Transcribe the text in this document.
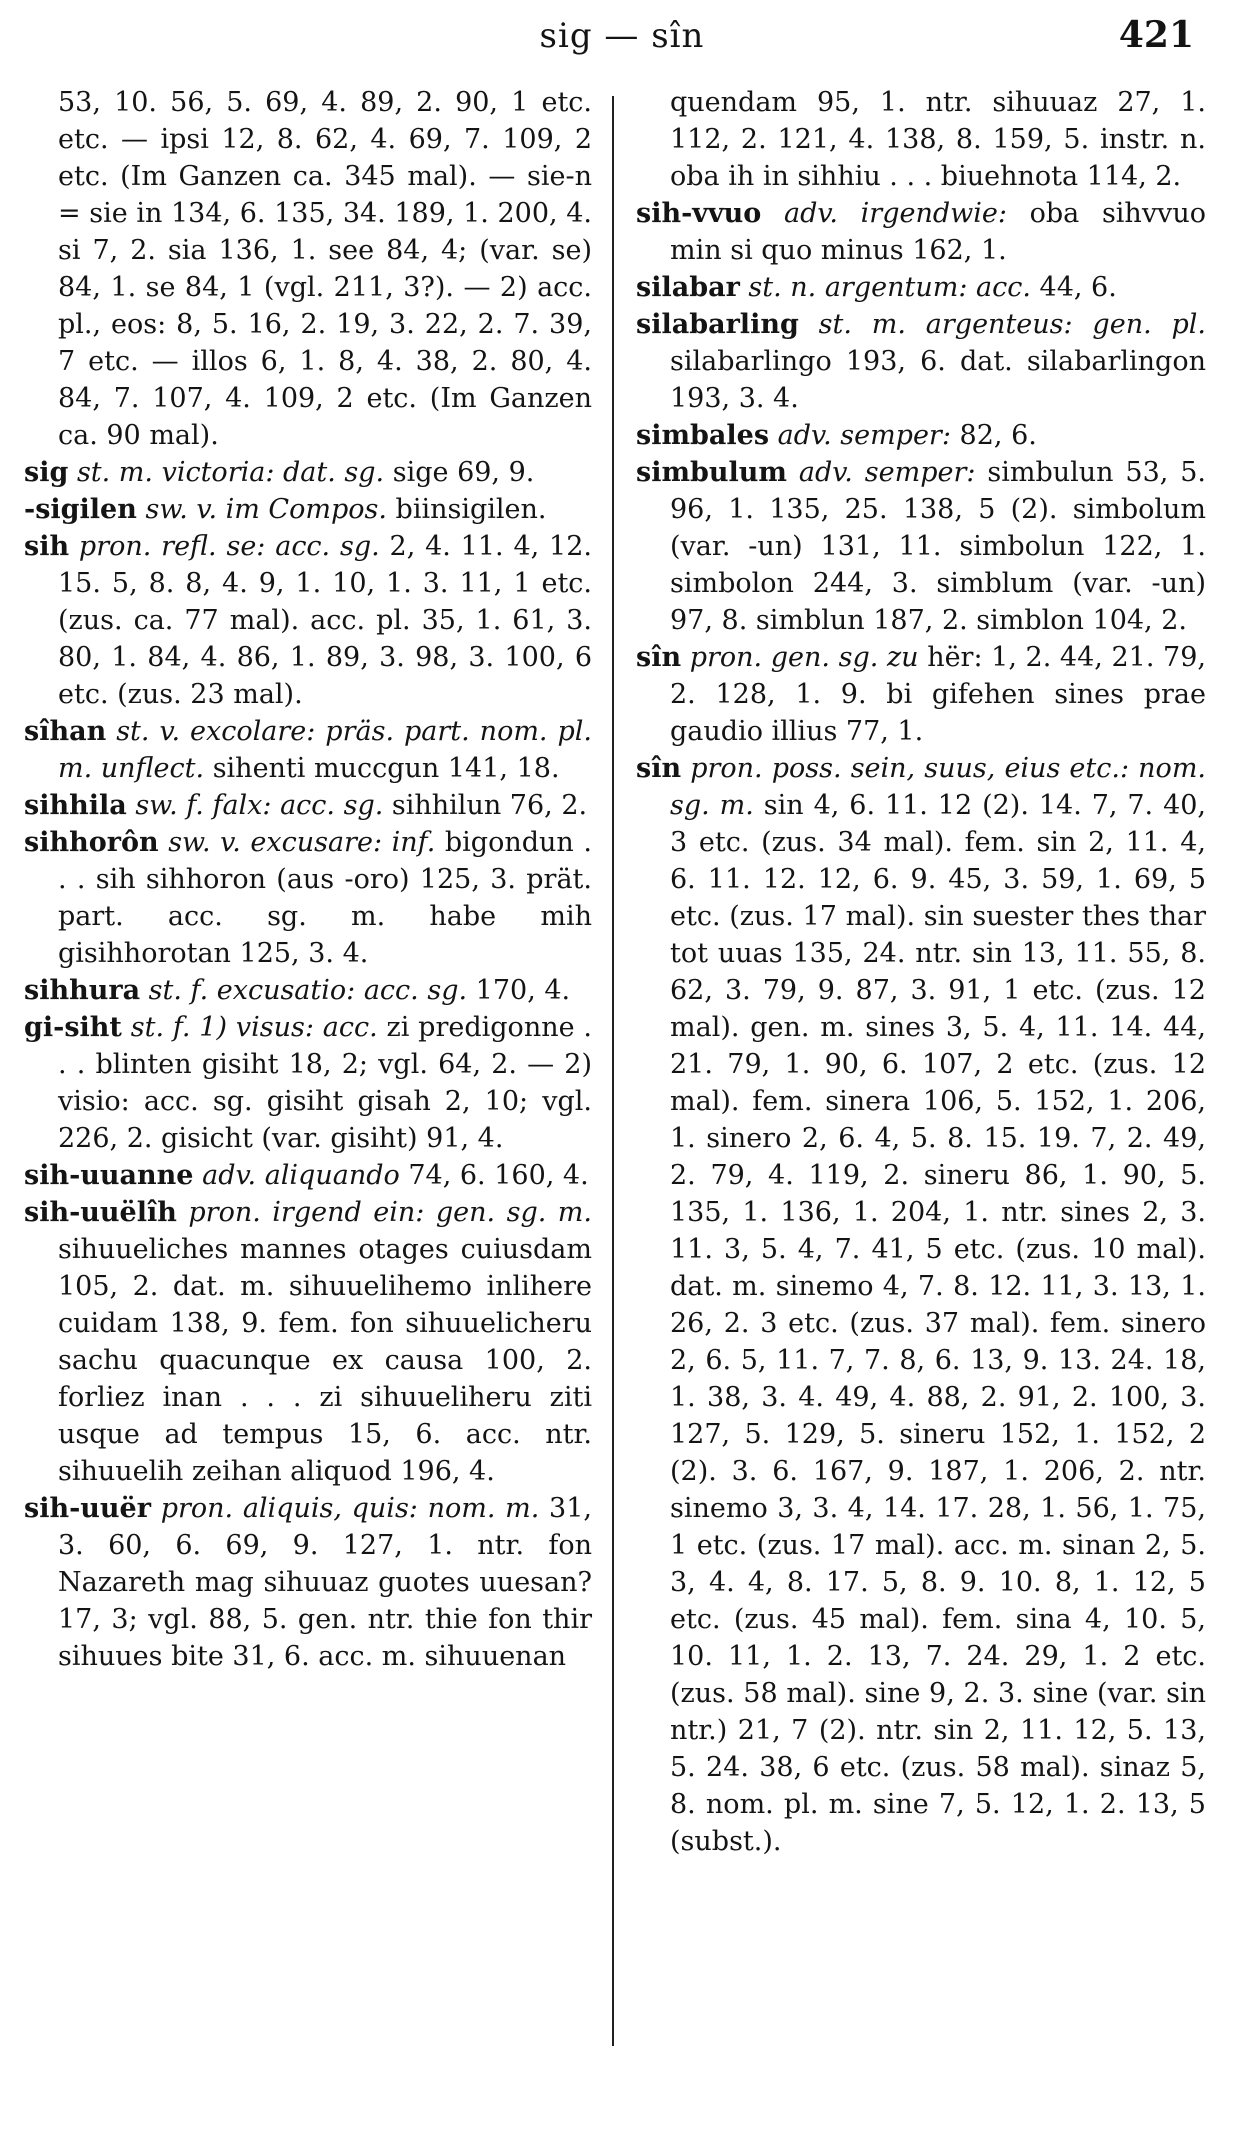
sig — sîn	421

53, 10. 56, 5. 69, 4. 89, 2. 90, 1 etc. etc. — ipsi 12, 8. 62, 4. 69, 7. 109, 2 etc. (Im Ganzen ca. 345 mal). — sie-n = sie in 134, 6. 135, 34. 189, 1. 200, 4. si 7, 2. sia 136, 1. see 84, 4; (var. se) 84, 1. se 84, 1 (vgl. 211, 3?). — 2) acc. pl., eos: 8, 5. 16, 2. 19, 3. 22, 2. 7. 39, 7 etc. — illos 6, 1. 8, 4. 38, 2. 80, 4. 84, 7. 107, 4. 109, 2 etc. (Im Ganzen ca. 90 mal).

sig st. m. victoria: dat. sg. sige 69, 9.

-sigilen sw. v. im Compos. biinsigilen.

sih pron. refl. se: acc. sg. 2, 4. 11. 4, 12. 15. 5, 8. 8, 4. 9, 1. 10, 1. 3. 11, 1 etc. (zus. ca. 77 mal). acc. pl. 35, 1. 61, 3. 80, 1. 84, 4. 86, 1. 89, 3. 98, 3. 100, 6 etc. (zus. 23 mal).

sîhan st. v. excolare: präs. part. nom. pl. m. unflect. sihenti muccgun 141, 18.

sihhila sw. f. falx: acc. sg. sihhilun 76, 2.

sihhorôn sw. v. excusare: inf. bigondun . . . sih sihhoron (aus -oro) 125, 3. prät. part. acc. sg. m. habe mih gisihhorotan 125, 3. 4.

sihhura st. f. excusatio: acc. sg. 170, 4.

gi-siht st. f. 1) visus: acc. zi predigonne . . . blinten gisiht 18, 2; vgl. 64, 2. — 2) visio: acc. sg. gisiht gisah 2, 10; vgl. 226, 2. gisicht (var. gisiht) 91, 4.

sih-uuanne adv. aliquando 74, 6. 160, 4.

sih-uuëlîh pron. irgend ein: gen. sg. m. sihuueliches mannes otages cuiusdam 105, 2. dat. m. sihuuelihemo inlihere cuidam 138, 9. fem. fon sihuuelicheru sachu quacunque ex causa 100, 2. forliez inan . . . zi sihuueliheru ziti usque ad tempus 15, 6. acc. ntr. sihuuelih zeihan aliquod 196, 4.

sih-uuër pron. aliquis, quis: nom. m. 31, 3. 60, 6. 69, 9. 127, 1. ntr. fon Nazareth mag sihuuaz guotes uuesan? 17, 3; vgl. 88, 5. gen. ntr. thie fon thir sihuues bite 31, 6. acc. m. sihuuenan

quendam 95, 1. ntr. sihuuaz 27, 1. 112, 2. 121, 4. 138, 8. 159, 5. instr. n. oba ih in sihhiu . . . biuehnota 114, 2.

sih-vvuo adv. irgendwie: oba sihvvuo min si quo minus 162, 1.

silabar st. n. argentum: acc. 44, 6.

silabarling st. m. argenteus: gen. pl. silabarlingo 193, 6. dat. silabarlingon 193, 3. 4.

simbales adv. semper: 82, 6.

simbulum adv. semper: simbulun 53, 5. 96, 1. 135, 25. 138, 5 (2). simbolum (var. -un) 131, 11. simbolun 122, 1. simbolon 244, 3. simblum (var. -un) 97, 8. simblun 187, 2. simblon 104, 2.

sîn pron. gen. sg. zu hër: 1, 2. 44, 21. 79, 2. 128, 1. 9. bi gifehen sines prae gaudio illius 77, 1.

sîn pron. poss. sein, suus, eius etc.: nom. sg. m. sin 4, 6. 11. 12 (2). 14. 7, 7. 40, 3 etc. (zus. 34 mal). fem. sin 2, 11. 4, 6. 11. 12. 12, 6. 9. 45, 3. 59, 1. 69, 5 etc. (zus. 17 mal). sin suester thes thar tot uuas 135, 24. ntr. sin 13, 11. 55, 8. 62, 3. 79, 9. 87, 3. 91, 1 etc. (zus. 12 mal). gen. m. sines 3, 5. 4, 11. 14. 44, 21. 79, 1. 90, 6. 107, 2 etc. (zus. 12 mal). fem. sinera 106, 5. 152, 1. 206, 1. sinero 2, 6. 4, 5. 8. 15. 19. 7, 2. 49, 2. 79, 4. 119, 2. sineru 86, 1. 90, 5. 135, 1. 136, 1. 204, 1. ntr. sines 2, 3. 11. 3, 5. 4, 7. 41, 5 etc. (zus. 10 mal). dat. m. sinemo 4, 7. 8. 12. 11, 3. 13, 1. 26, 2. 3 etc. (zus. 37 mal). fem. sinero 2, 6. 5, 11. 7, 7. 8, 6. 13, 9. 13. 24. 18, 1. 38, 3. 4. 49, 4. 88, 2. 91, 2. 100, 3. 127, 5. 129, 5. sineru 152, 1. 152, 2 (2). 3. 6. 167, 9. 187, 1. 206, 2. ntr. sinemo 3, 3. 4, 14. 17. 28, 1. 56, 1. 75, 1 etc. (zus. 17 mal). acc. m. sinan 2, 5. 3, 4. 4, 8. 17. 5, 8. 9. 10. 8, 1. 12, 5 etc. (zus. 45 mal). fem. sina 4, 10. 5, 10. 11, 1. 2. 13, 7. 24. 29, 1. 2 etc. (zus. 58 mal). sine 9, 2. 3. sine (var. sin ntr.) 21, 7 (2). ntr. sin 2, 11. 12, 5. 13, 5. 24. 38, 6 etc. (zus. 58 mal). sinaz 5, 8. nom. pl. m. sine 7, 5. 12, 1. 2. 13, 5 (subst.).
